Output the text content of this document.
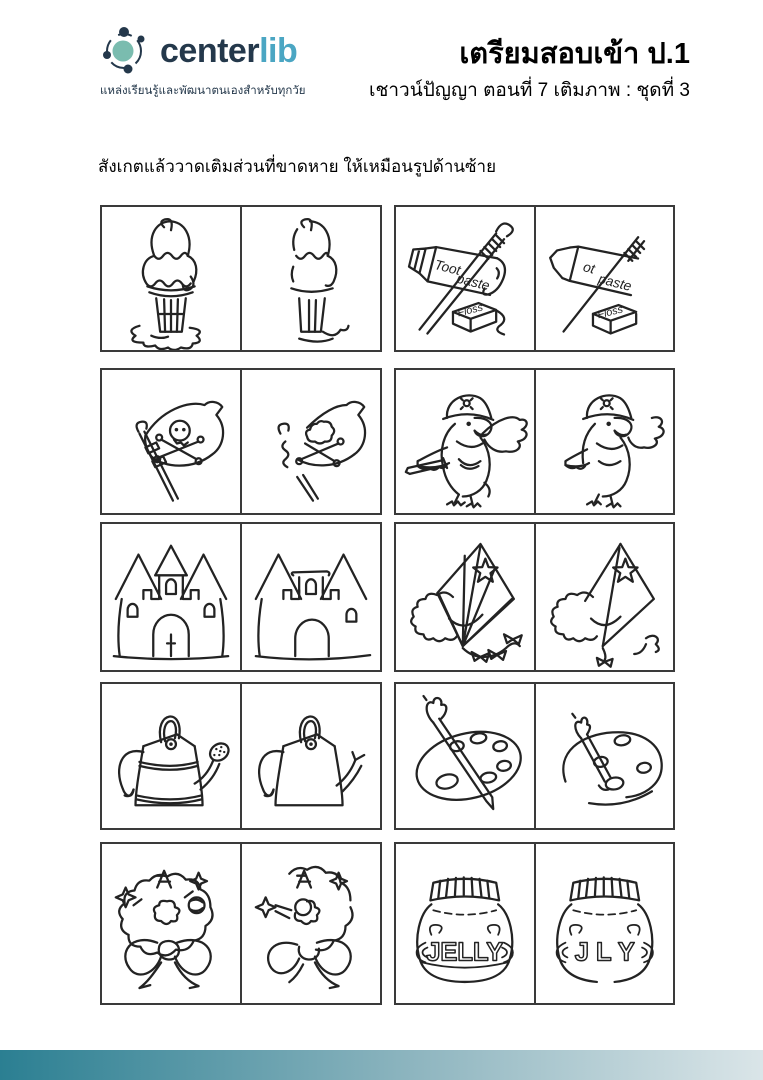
centerlib
แหล่งเรียนรู้และพัฒนาตนเองสำหรับทุกวัย
เตรียมสอบเข้า ป.1
เชาวน์ปัญญา ตอนที่ 7 เติมภาพ : ชุดที่ 3
สังเกตแล้ววาดเติมส่วนที่ขาดหาย ให้เหมือนรูปด้านซ้าย
Toot
paste
Floss
ot
paste
Floss
JELLY	J L Y
